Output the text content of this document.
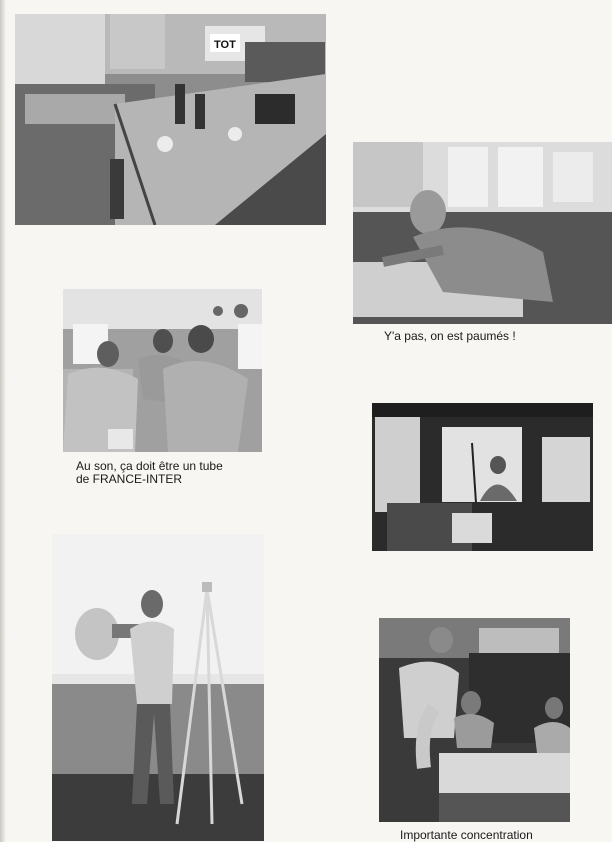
TOT
Y'a pas, on est paumés !
Au son, ça doit être un tube
de FRANCE-INTER
Importante concentration
